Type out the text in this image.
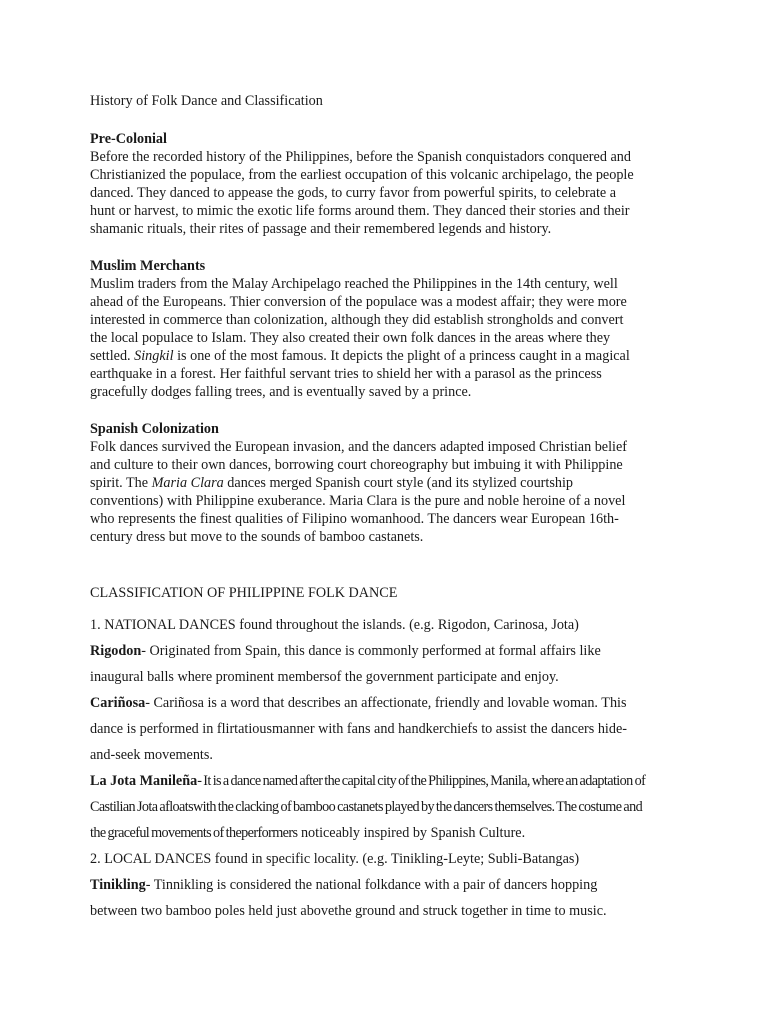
History of Folk Dance and Classification

Pre-Colonial

Before the recorded history of the Philippines, before the Spanish conquistadors conquered and

Christianized the populace, from the earliest occupation of this volcanic archipelago, the people

danced. They danced to appease the gods, to curry favor from powerful spirits, to celebrate a

hunt or harvest, to mimic the exotic life forms around them. They danced their stories and their

shamanic rituals, their rites of passage and their remembered legends and history.

Muslim Merchants

Muslim traders from the Malay Archipelago reached the Philippines in the 14th century, well

ahead of the Europeans. Thier conversion of the populace was a modest affair; they were more

interested in commerce than colonization, although they did establish strongholds and convert

the local populace to Islam. They also created their own folk dances in the areas where they

settled. Singkil is one of the most famous. It depicts the plight of a princess caught in a magical

earthquake in a forest. Her faithful servant tries to shield her with a parasol as the princess

gracefully dodges falling trees, and is eventually saved by a prince.

Spanish Colonization

Folk dances survived the European invasion, and the dancers adapted imposed Christian belief

and culture to their own dances, borrowing court choreography but imbuing it with Philippine

spirit. The Maria Clara dances merged Spanish court style (and its stylized courtship

conventions) with Philippine exuberance. Maria Clara is the pure and noble heroine of a novel

who represents the finest qualities of Filipino womanhood. The dancers wear European 16th-

century dress but move to the sounds of bamboo castanets.

CLASSIFICATION OF PHILIPPINE FOLK DANCE

1. NATIONAL DANCES found throughout the islands. (e.g. Rigodon, Carinosa, Jota)

Rigodon- Originated from Spain, this dance is commonly performed at formal affairs like

inaugural balls where prominent membersof the government participate and enjoy.

Cariñosa- Cariñosa is a word that describes an affectionate, friendly and lovable woman. This

dance is performed in flirtatiousmanner with fans and handkerchiefs to assist the dancers hide-

and-seek movements.

La Jota Manileña- It is a dance named after the capital city of the Philippines, Manila, where an adaptation of

Castilian Jota afloatswith the clacking of bamboo castanets played by the dancers themselves. The costume and

the graceful movements of theperformers noticeably inspired by Spanish Culture.

2. LOCAL DANCES found in specific locality. (e.g. Tinikling-Leyte; Subli-Batangas)

Tinikling- Tinnikling is considered the national folkdance with a pair of dancers hopping

between two bamboo poles held just abovethe ground and struck together in time to music.
